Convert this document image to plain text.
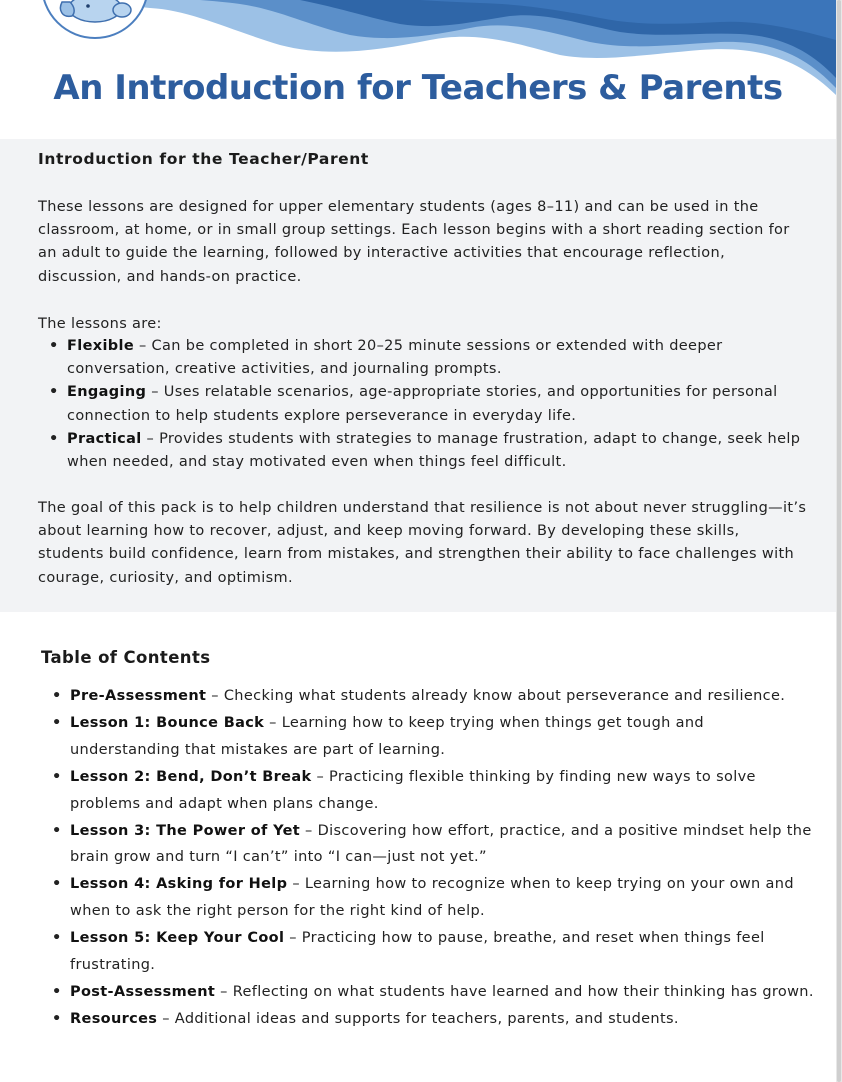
An Introduction for Teachers & Parents
Introduction for the Teacher/Parent

These lessons are designed for upper elementary students (ages 8–11) and can be used in the classroom, at home, or in small group settings. Each lesson begins with a short reading section for an adult to guide the learning, followed by interactive activities that encourage reflection, discussion, and hands-on practice.

The lessons are:

• Flexible – Can be completed in short 20–25 minute sessions or extended with deeper conversation, creative activities, and journaling prompts.
• Engaging – Uses relatable scenarios, age-appropriate stories, and opportunities for personal connection to help students explore perseverance in everyday life.
• Practical – Provides students with strategies to manage frustration, adapt to change, seek help when needed, and stay motivated even when things feel difficult.

The goal of this pack is to help children understand that resilience is not about never struggling—it’s about learning how to recover, adjust, and keep moving forward. By developing these skills, students build confidence, learn from mistakes, and strengthen their ability to face challenges with courage, curiosity, and optimism.

Table of Contents
• Pre-Assessment – Checking what students already know about perseverance and resilience.
• Lesson 1: Bounce Back – Learning how to keep trying when things get tough and understanding that mistakes are part of learning.
• Lesson 2: Bend, Don’t Break – Practicing flexible thinking by finding new ways to solve problems and adapt when plans change.
• Lesson 3: The Power of Yet – Discovering how effort, practice, and a positive mindset help the brain grow and turn “I can’t” into “I can—just not yet.”
• Lesson 4: Asking for Help – Learning how to recognize when to keep trying on your own and when to ask the right person for the right kind of help.
• Lesson 5: Keep Your Cool – Practicing how to pause, breathe, and reset when things feel frustrating.
• Post-Assessment – Reflecting on what students have learned and how their thinking has grown.
• Resources – Additional ideas and supports for teachers, parents, and students.
